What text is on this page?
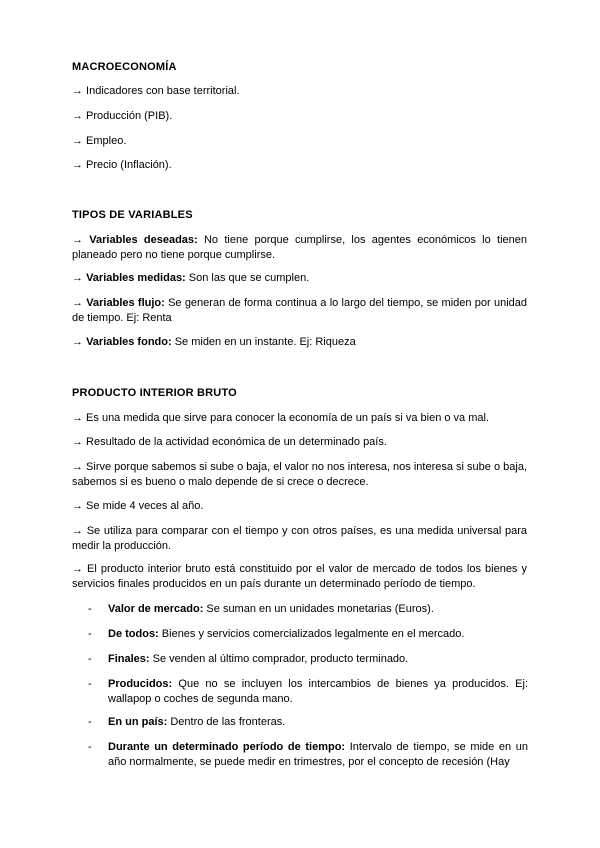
MACROECONOMÍA

→ Indicadores con base territorial.

→ Producción (PIB).

→ Empleo.

→ Precio (Inflación).

TIPOS DE VARIABLES

→ Variables deseadas: No tiene porque cumplirse, los agentes económicos lo tienen planeado pero no tiene porque cumplirse.

→ Variables medidas: Son las que se cumplen.

→ Variables flujo: Se generan de forma continua a lo largo del tiempo, se miden por unidad de tiempo. Ej: Renta

→ Variables fondo: Se miden en un instante. Ej: Riqueza

PRODUCTO INTERIOR BRUTO

→ Es una medida que sirve para conocer la economía de un país si va bien o va mal.

→ Resultado de la actividad económica de un determinado país.

→ Sirve porque sabemos si sube o baja, el valor no nos interesa, nos interesa si sube o baja, sabemos si es bueno o malo depende de si crece o decrece.

→ Se mide 4 veces al año.

→ Se utiliza para comparar con el tiempo y con otros países, es una medida universal para medir la producción.

→ El producto interior bruto está constituido por el valor de mercado de todos los bienes y servicios finales producidos en un país durante un determinado período de tiempo.

- Valor de mercado: Se suman en un unidades monetarias (Euros).
- De todos: Bienes y servicios comercializados legalmente en el mercado.
- Finales: Se venden al último comprador, producto terminado.
- Producidos: Que no se incluyen los intercambios de bienes ya producidos. Ej: wallapop o coches de segunda mano.
- En un país: Dentro de las fronteras.
- Durante un determinado período de tiempo: Intervalo de tiempo, se mide en un año normalmente, se puede medir en trimestres, por el concepto de recesión (Hay
